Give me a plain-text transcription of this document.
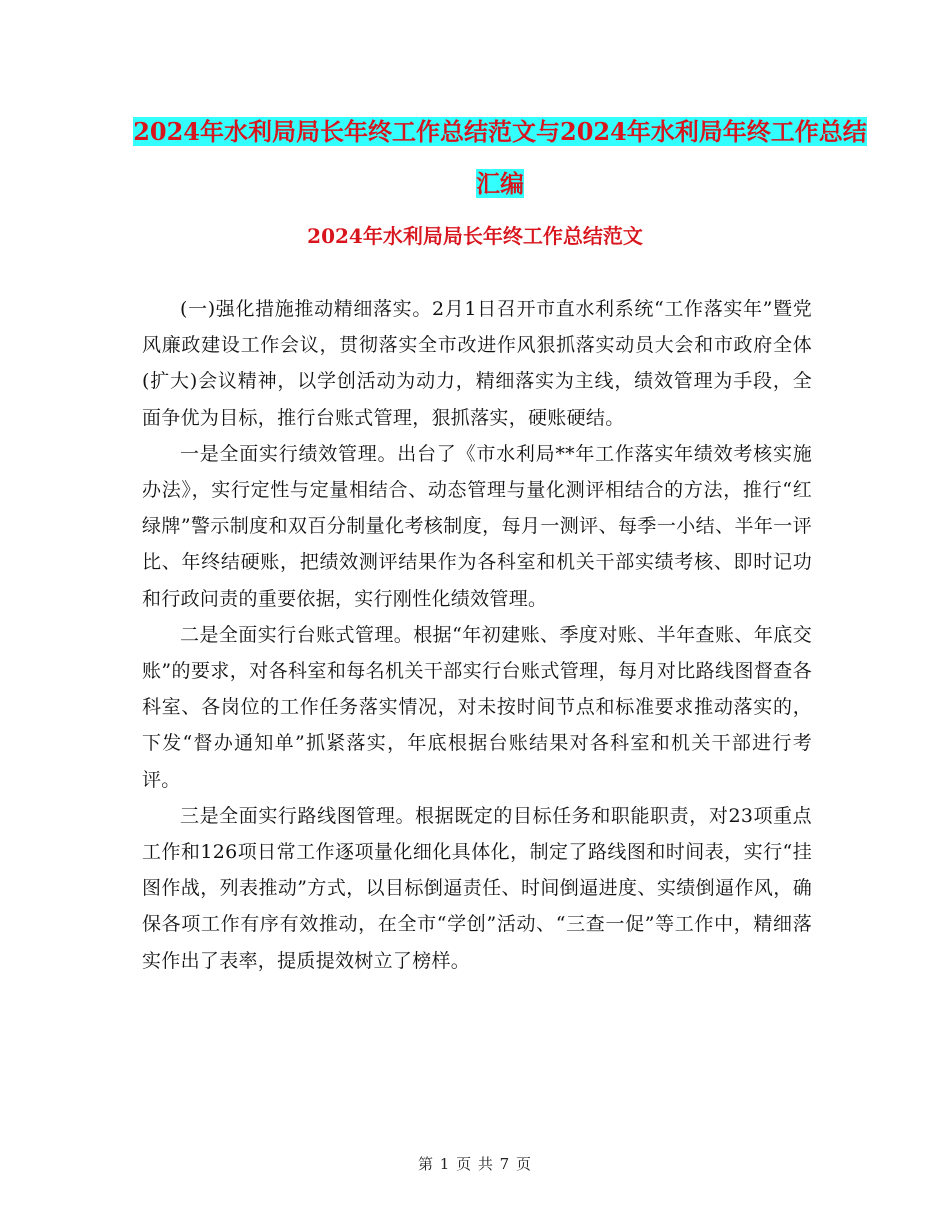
2024年水利局局长年终工作总结范文与2024年水利局年终工作总结汇编
2024年水利局局长年终工作总结范文

(一)强化措施推动精细落实。2月1日召开市直水利系统“工作落实年”暨党风廉政建设工作会议，贯彻落实全市改进作风狠抓落实动员大会和市政府全体(扩大)会议精神，以学创活动为动力，精细落实为主线，绩效管理为手段，全面争优为目标，推行台账式管理，狠抓落实，硬账硬结。

一是全面实行绩效管理。出台了《市水利局**年工作落实年绩效考核实施办法》，实行定性与定量相结合、动态管理与量化测评相结合的方法，推行“红绿牌”警示制度和双百分制量化考核制度，每月一测评、每季一小结、半年一评比、年终结硬账，把绩效测评结果作为各科室和机关干部实绩考核、即时记功和行政问责的重要依据，实行刚性化绩效管理。

二是全面实行台账式管理。根据“年初建账、季度对账、半年查账、年底交账”的要求，对各科室和每名机关干部实行台账式管理，每月对比路线图督查各科室、各岗位的工作任务落实情况，对未按时间节点和标准要求推动落实的，下发“督办通知单”抓紧落实，年底根据台账结果对各科室和机关干部进行考评。

三是全面实行路线图管理。根据既定的目标任务和职能职责，对23项重点工作和126项日常工作逐项量化细化具体化，制定了路线图和时间表，实行“挂图作战，列表推动”方式，以目标倒逼责任、时间倒逼进度、实绩倒逼作风，确保各项工作有序有效推动，在全市“学创”活动、“三查一促”等工作中，精细落实作出了表率，提质提效树立了榜样。

第 1 页 共 7 页
